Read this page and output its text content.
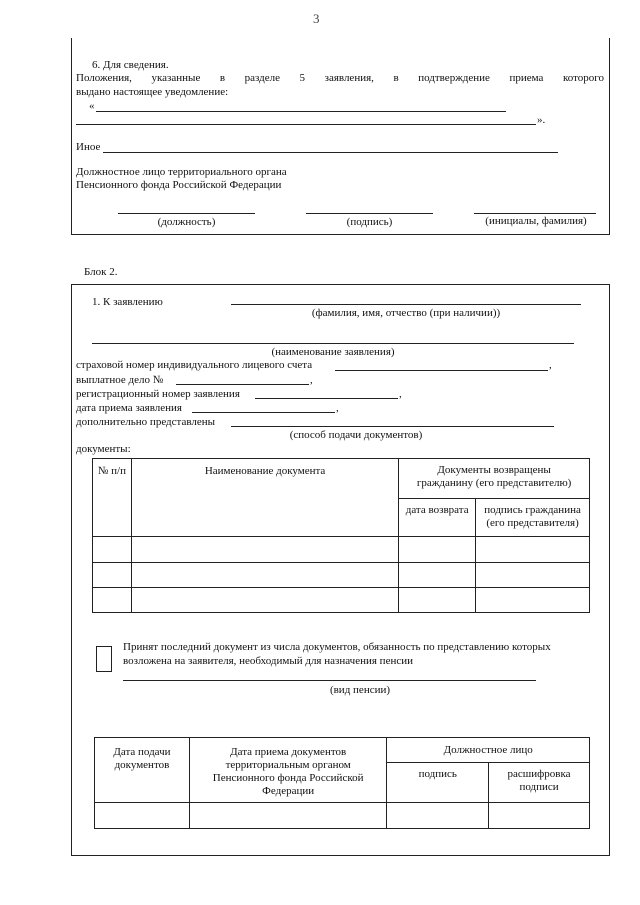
3
6. Для сведения.
Положения, указанные в разделе 5 заявления, в подтверждение приема которого
выдано настоящее уведомление:
«
».
Иное
Должностное лицо территориального органа
Пенсионного фонда Российской Федерации
(должность)	(подпись)	(инициалы, фамилия)
Блок 2.
1. К заявлению
(фамилия, имя, отчество (при наличии))
(наименование заявления)
страховой номер индивидуального лицевого счета	,
выплатное дело №	,
регистрационный номер заявления	,
дата приема заявления	,
дополнительно представлены
(способ подачи документов)
документы:
№ п/п	Наименование документа	Документы возвращены гражданину (его представителю)	
		дата возврата	подпись гражданина (его представителя)

Принят последний документ из числа документов, обязанность по представлению которых
возложена на заявителя, необходимый для назначения пенсии
(вид пенсии)
Дата подачи документов	Дата приема документов территориальным органом Пенсионного фонда Российской Федерации	Должностное лицо	
		подпись	расшифровка подписи
